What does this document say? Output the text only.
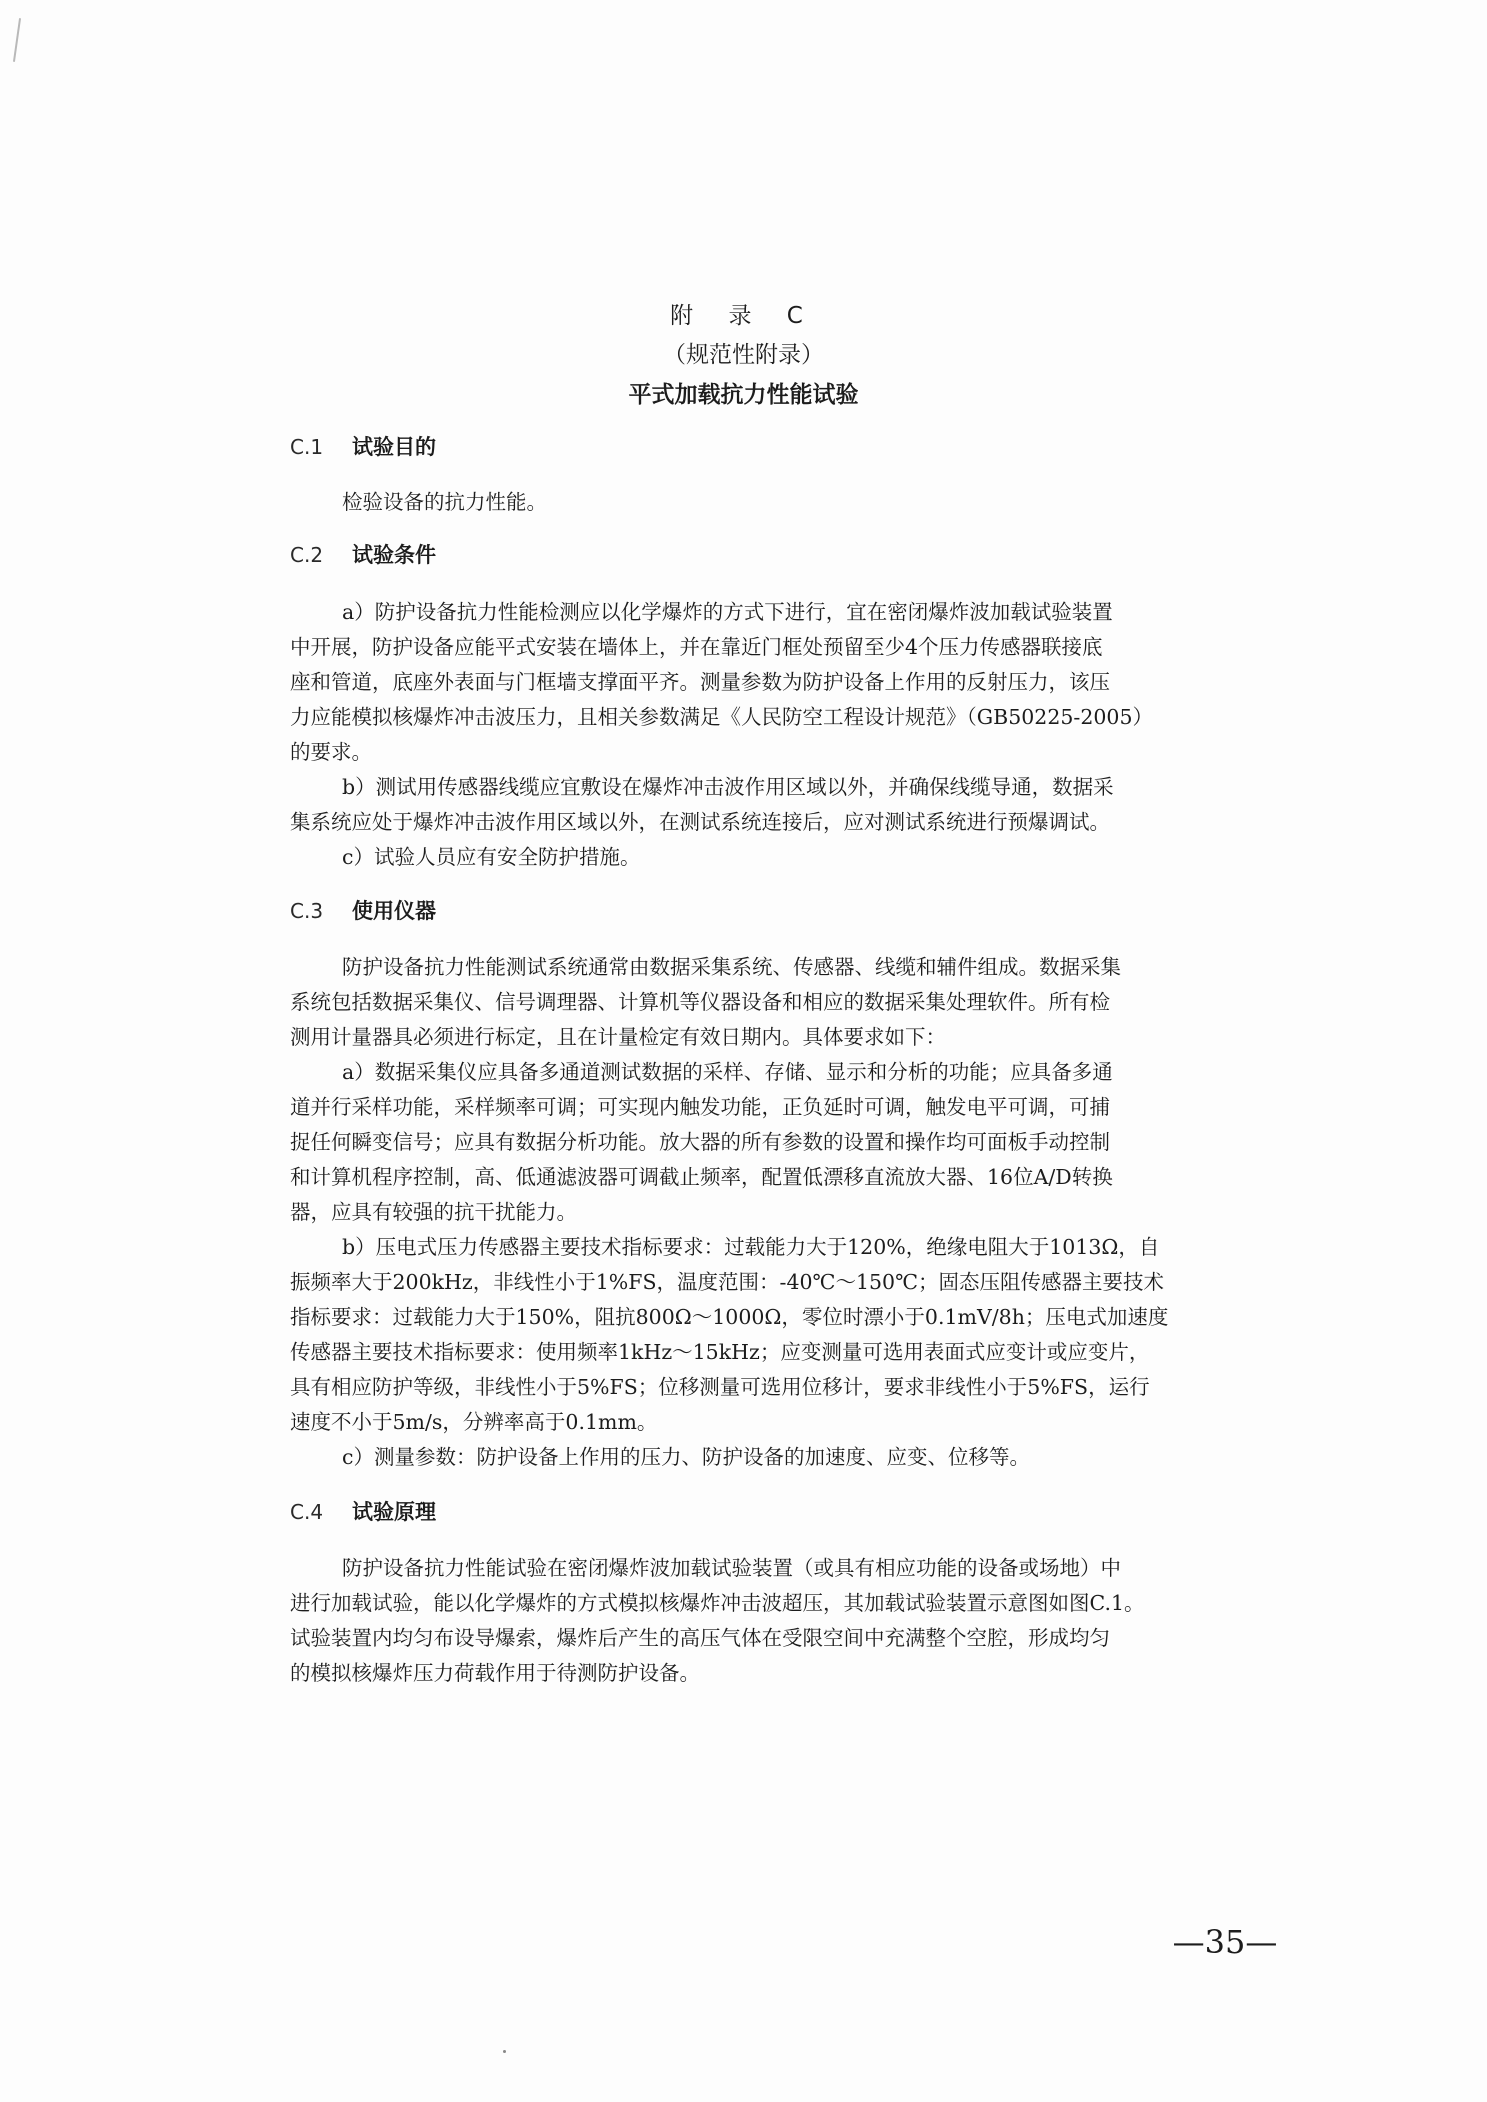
附 录 C
（规范性附录）
平式加载抗力性能试验
C.1 试验目的
检验设备的抗力性能。
C.2 试验条件
a）防护设备抗力性能检测应以化学爆炸的方式下进行，宜在密闭爆炸波加载试验装置
中开展，防护设备应能平式安装在墙体上，并在靠近门框处预留至少4个压力传感器联接底
座和管道，底座外表面与门框墙支撑面平齐。测量参数为防护设备上作用的反射压力，该压
力应能模拟核爆炸冲击波压力，且相关参数满足《人民防空工程设计规范》（GB50225-2005）
的要求。
b）测试用传感器线缆应宜敷设在爆炸冲击波作用区域以外，并确保线缆导通，数据采
集系统应处于爆炸冲击波作用区域以外，在测试系统连接后，应对测试系统进行预爆调试。
c）试验人员应有安全防护措施。
C.3 使用仪器
防护设备抗力性能测试系统通常由数据采集系统、传感器、线缆和辅件组成。数据采集
系统包括数据采集仪、信号调理器、计算机等仪器设备和相应的数据采集处理软件。所有检
测用计量器具必须进行标定，且在计量检定有效日期内。具体要求如下：
a）数据采集仪应具备多通道测试数据的采样、存储、显示和分析的功能；应具备多通
道并行采样功能，采样频率可调；可实现内触发功能，正负延时可调，触发电平可调，可捕
捉任何瞬变信号；应具有数据分析功能。放大器的所有参数的设置和操作均可面板手动控制
和计算机程序控制，高、低通滤波器可调截止频率，配置低漂移直流放大器、16位A/D转换
器，应具有较强的抗干扰能力。
b）压电式压力传感器主要技术指标要求：过载能力大于120%，绝缘电阻大于1013Ω，自
振频率大于200kHz，非线性小于1%FS，温度范围：-40℃～150℃；固态压阻传感器主要技术
指标要求：过载能力大于150%，阻抗800Ω～1000Ω，零位时漂小于0.1mV/8h；压电式加速度
传感器主要技术指标要求：使用频率1kHz～15kHz；应变测量可选用表面式应变计或应变片，
具有相应防护等级，非线性小于5%FS；位移测量可选用位移计，要求非线性小于5%FS，运行
速度不小于5m/s，分辨率高于0.1mm。
c）测量参数：防护设备上作用的压力、防护设备的加速度、应变、位移等。
C.4 试验原理
防护设备抗力性能试验在密闭爆炸波加载试验装置（或具有相应功能的设备或场地）中
进行加载试验，能以化学爆炸的方式模拟核爆炸冲击波超压，其加载试验装置示意图如图C.1。
试验装置内均匀布设导爆索，爆炸后产生的高压气体在受限空间中充满整个空腔，形成均匀
的模拟核爆炸压力荷载作用于待测防护设备。
—35—
